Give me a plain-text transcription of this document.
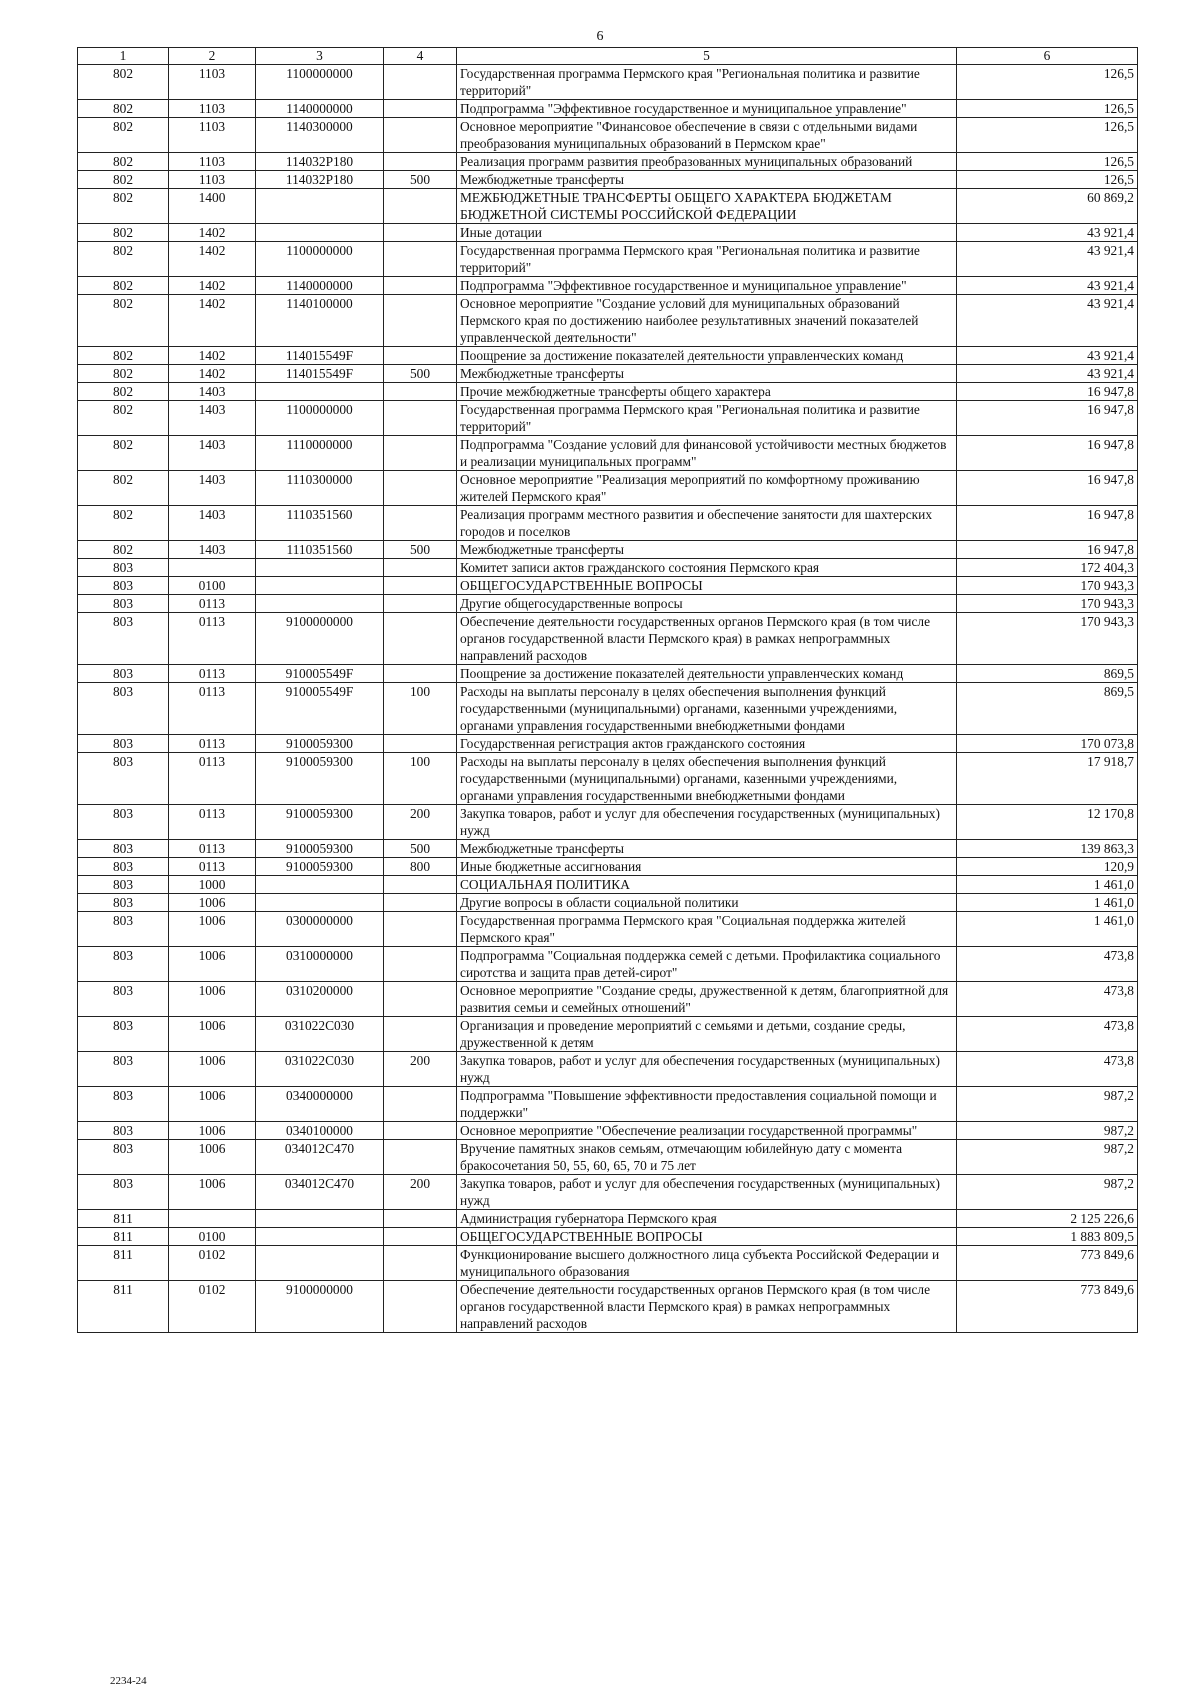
6
1	2	3	4	5	6
802	1103	1100000000		Государственная программа Пермского края "Региональная политика и развитие территорий"	126,5
802	1103	1140000000		Подпрограмма "Эффективное государственное и муниципальное управление"	126,5
802	1103	1140300000		Основное мероприятие "Финансовое обеспечение в связи с отдельными видами преобразования муниципальных образований в Пермском крае"	126,5
802	1103	114032P180		Реализация программ развития преобразованных муниципальных образований	126,5
802	1103	114032P180	500	Межбюджетные трансферты	126,5
802	1400			МЕЖБЮДЖЕТНЫЕ ТРАНСФЕРТЫ ОБЩЕГО ХАРАКТЕРА БЮДЖЕТАМ БЮДЖЕТНОЙ СИСТЕМЫ РОССИЙСКОЙ ФЕДЕРАЦИИ	60 869,2
802	1402			Иные дотации	43 921,4
802	1402	1100000000		Государственная программа Пермского края "Региональная политика и развитие территорий"	43 921,4
802	1402	1140000000		Подпрограмма "Эффективное государственное и муниципальное управление"	43 921,4
802	1402	1140100000		Основное мероприятие "Создание условий для муниципальных образований Пермского края по достижению наиболее результативных значений показателей управленческой деятельности"	43 921,4
802	1402	114015549F		Поощрение за достижение показателей деятельности управленческих команд	43 921,4
802	1402	114015549F	500	Межбюджетные трансферты	43 921,4
802	1403			Прочие межбюджетные трансферты общего характера	16 947,8
802	1403	1100000000		Государственная программа Пермского края "Региональная политика и развитие территорий"	16 947,8
802	1403	1110000000		Подпрограмма "Создание условий для финансовой устойчивости местных бюджетов и реализации муниципальных программ"	16 947,8
802	1403	1110300000		Основное мероприятие "Реализация мероприятий по комфортному проживанию жителей Пермского края"	16 947,8
802	1403	1110351560		Реализация программ местного развития и обеспечение занятости для шахтерских городов и поселков	16 947,8
802	1403	1110351560	500	Межбюджетные трансферты	16 947,8
803				Комитет записи актов гражданского состояния Пермского края	172 404,3
803	0100			ОБЩЕГОСУДАРСТВЕННЫЕ ВОПРОСЫ	170 943,3
803	0113			Другие общегосударственные вопросы	170 943,3
803	0113	9100000000		Обеспечение деятельности государственных органов Пермского края (в том числе органов государственной власти Пермского края) в рамках непрограммных направлений расходов	170 943,3
803	0113	910005549F		Поощрение за достижение показателей деятельности управленческих команд	869,5
803	0113	910005549F	100	Расходы на выплаты персоналу в целях обеспечения выполнения функций государственными (муниципальными) органами, казенными учреждениями, органами управления государственными внебюджетными фондами	869,5
803	0113	9100059300		Государственная регистрация актов гражданского состояния	170 073,8
803	0113	9100059300	100	Расходы на выплаты персоналу в целях обеспечения выполнения функций государственными (муниципальными) органами, казенными учреждениями, органами управления государственными внебюджетными фондами	17 918,7
803	0113	9100059300	200	Закупка товаров, работ и услуг для обеспечения государственных (муниципальных) нужд	12 170,8
803	0113	9100059300	500	Межбюджетные трансферты	139 863,3
803	0113	9100059300	800	Иные бюджетные ассигнования	120,9
803	1000			СОЦИАЛЬНАЯ ПОЛИТИКА	1 461,0
803	1006			Другие вопросы в области социальной политики	1 461,0
803	1006	0300000000		Государственная программа Пермского края "Социальная поддержка жителей Пермского края"	1 461,0
803	1006	0310000000		Подпрограмма "Социальная поддержка семей с детьми. Профилактика социального сиротства и защита прав детей-сирот"	473,8
803	1006	0310200000		Основное мероприятие "Создание среды, дружественной к детям, благоприятной для развития семьи и семейных отношений"	473,8
803	1006	031022C030		Организация и проведение мероприятий с семьями и детьми, создание среды, дружественной к детям	473,8
803	1006	031022C030	200	Закупка товаров, работ и услуг для обеспечения государственных (муниципальных) нужд	473,8
803	1006	0340000000		Подпрограмма "Повышение эффективности предоставления социальной помощи и поддержки"	987,2
803	1006	0340100000		Основное мероприятие "Обеспечение реализации государственной программы"	987,2
803	1006	034012C470		Вручение памятных знаков семьям, отмечающим юбилейную дату с момента бракосочетания 50, 55, 60, 65, 70 и 75 лет	987,2
803	1006	034012C470	200	Закупка товаров, работ и услуг для обеспечения государственных (муниципальных) нужд	987,2
811				Администрация губернатора Пермского края	2 125 226,6
811	0100			ОБЩЕГОСУДАРСТВЕННЫЕ ВОПРОСЫ	1 883 809,5
811	0102			Функционирование высшего должностного лица субъекта Российской Федерации и муниципального образования	773 849,6
811	0102	9100000000		Обеспечение деятельности государственных органов Пермского края (в том числе органов государственной власти Пермского края) в рамках непрограммных направлений расходов	773 849,6
2234-24
